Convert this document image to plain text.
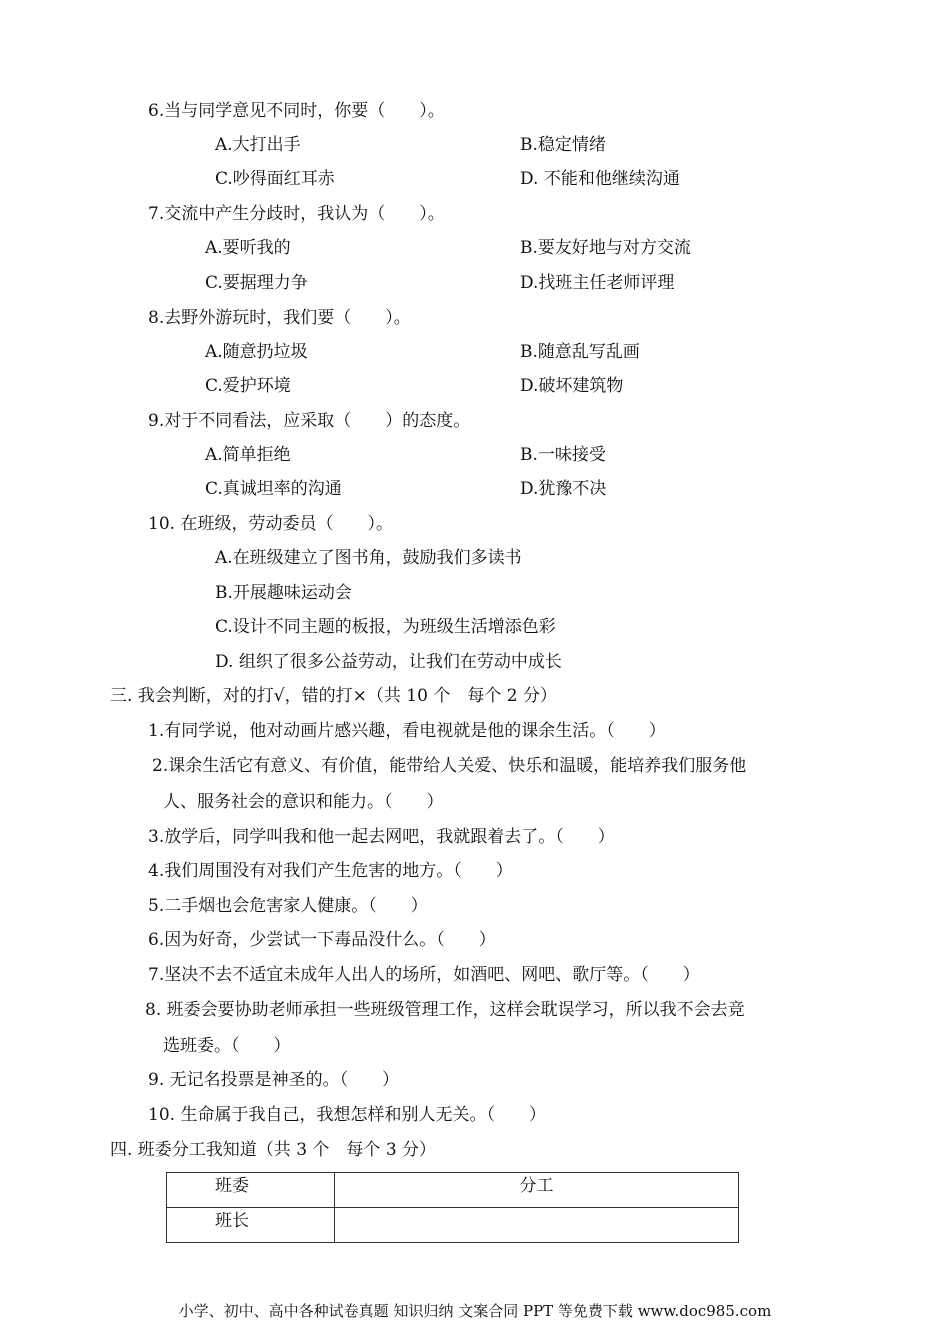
6.当与同学意见不同时，你要（　　）。
A.大打出手	B.稳定情绪
C.吵得面红耳赤	D. 不能和他继续沟通
7.交流中产生分歧时，我认为（　　）。
A.要听我的	B.要友好地与对方交流
C.要据理力争	D.找班主任老师评理
8.去野外游玩时，我们要（　　）。
A.随意扔垃圾	B.随意乱写乱画
C.爱护环境	D.破坏建筑物
9.对于不同看法，应采取（　　）的态度。
A.简单拒绝	B.一味接受
C.真诚坦率的沟通	D.犹豫不决
10. 在班级，劳动委员（　　）。
A.在班级建立了图书角，鼓励我们多读书
B.开展趣味运动会
C.设计不同主题的板报，为班级生活增添色彩
D. 组织了很多公益劳动，让我们在劳动中成长
三. 我会判断，对的打√，错的打×（共 10 个　每个 2 分）
1.有同学说，他对动画片感兴趣，看电视就是他的课余生活。（　　）
2.课余生活它有意义、有价值，能带给人关爱、快乐和温暖，能培养我们服务他
人、服务社会的意识和能力。（　　）
3.放学后，同学叫我和他一起去网吧，我就跟着去了。（　　）
4.我们周围没有对我们产生危害的地方。（　　）
5.二手烟也会危害家人健康。（　　）
6.因为好奇，少尝试一下毒品没什么。（　　）
7.坚决不去不适宜未成年人出人的场所，如酒吧、网吧、歌厅等。（　　）
8. 班委会要协助老师承担一些班级管理工作，这样会耽误学习，所以我不会去竞
选班委。（　　）
9. 无记名投票是神圣的。（　　）
10. 生命属于我自己，我想怎样和别人无关。（　　）
四. 班委分工我知道（共 3 个　每个 3 分）
班委	分工
班长	
小学、初中、高中各种试卷真题 知识归纳 文案合同 PPT 等免费下载 www.doc985.com
